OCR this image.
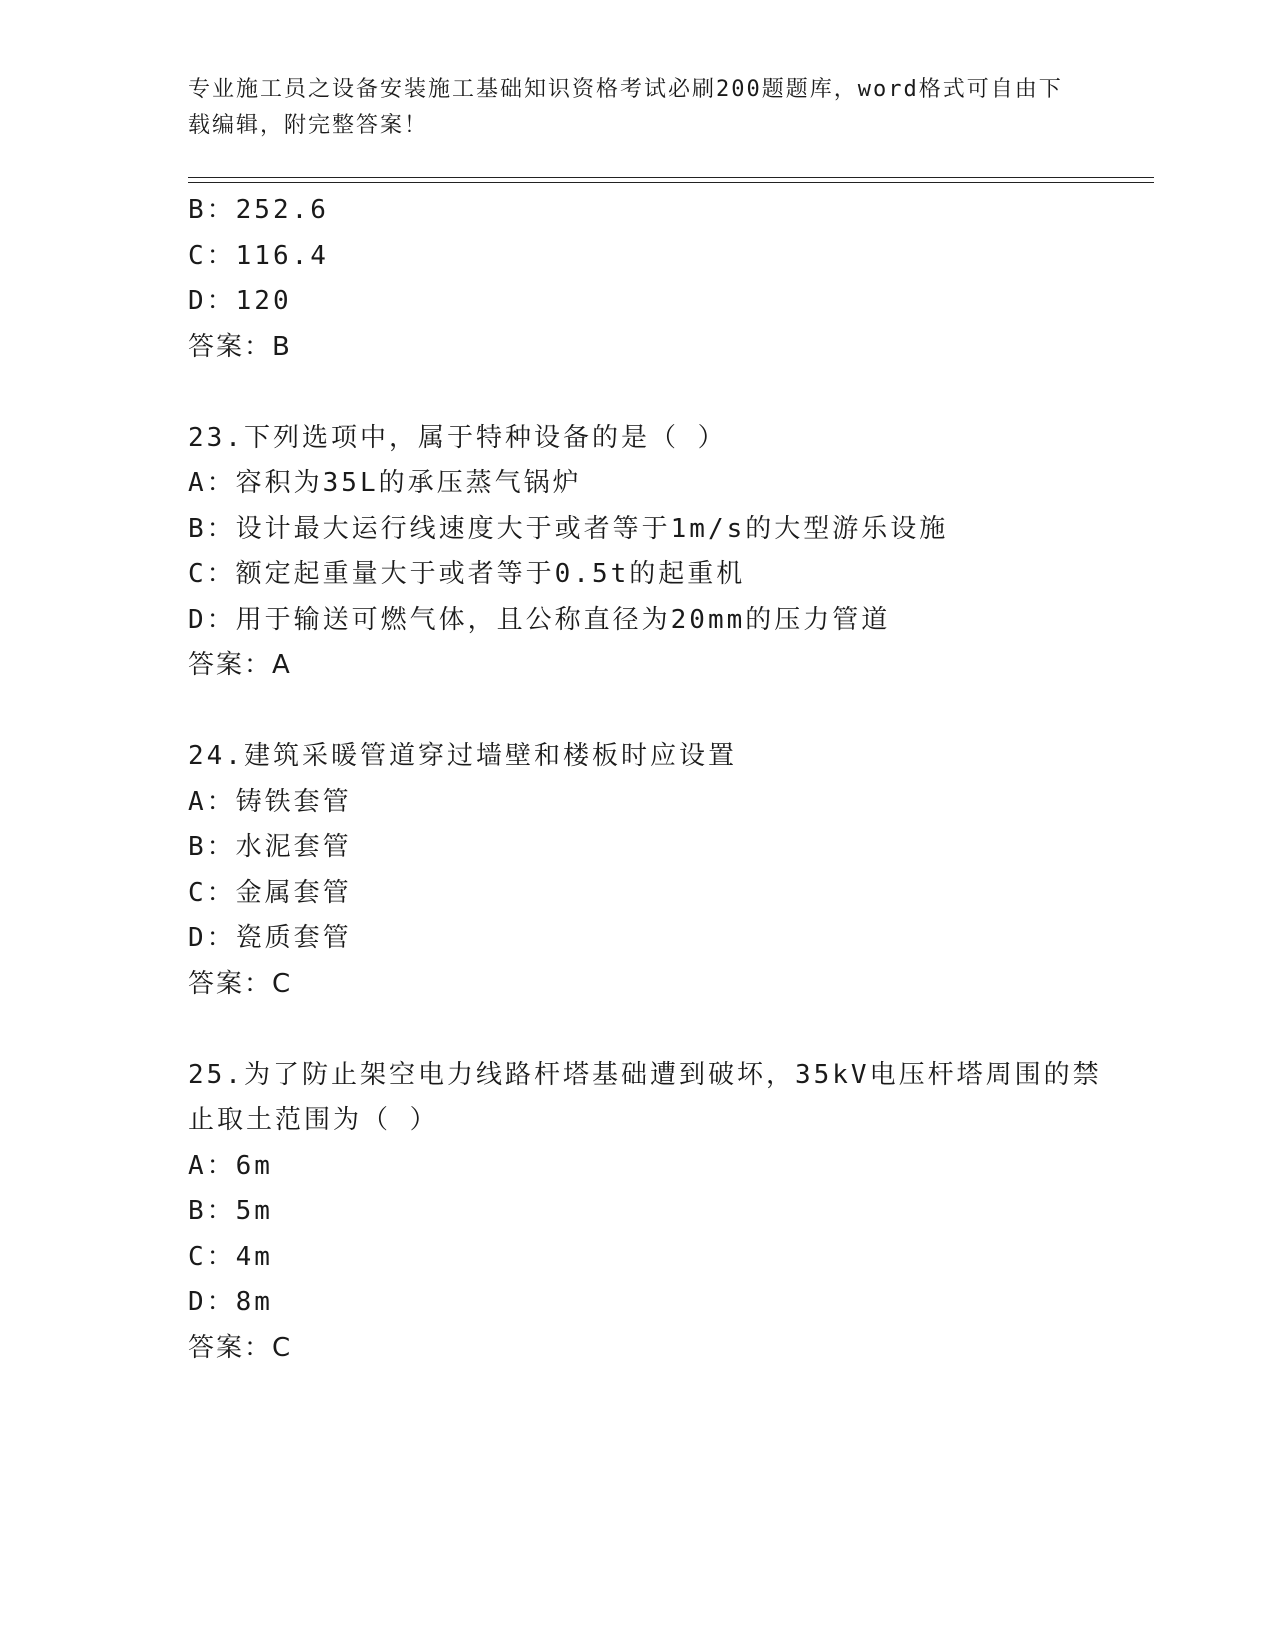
专业施工员之设备安装施工基础知识资格考试必刷200题题库，word格式可自由下载编辑，附完整答案！
B：252.6
C：116.4
D：120
答案：B
23.下列选项中，属于特种设备的是（ ）
A：容积为35L的承压蒸气锅炉
B：设计最大运行线速度大于或者等于1m/s的大型游乐设施
C：额定起重量大于或者等于0.5t的起重机
D：用于输送可燃气体，且公称直径为20mm的压力管道
答案：A
24.建筑采暖管道穿过墙壁和楼板时应设置
A：铸铁套管
B：水泥套管
C：金属套管
D：瓷质套管
答案：C
25.为了防止架空电力线路杆塔基础遭到破坏，35kV电压杆塔周围的禁
止取土范围为（ ）
A：6m
B：5m
C：4m
D：8m
答案：C
